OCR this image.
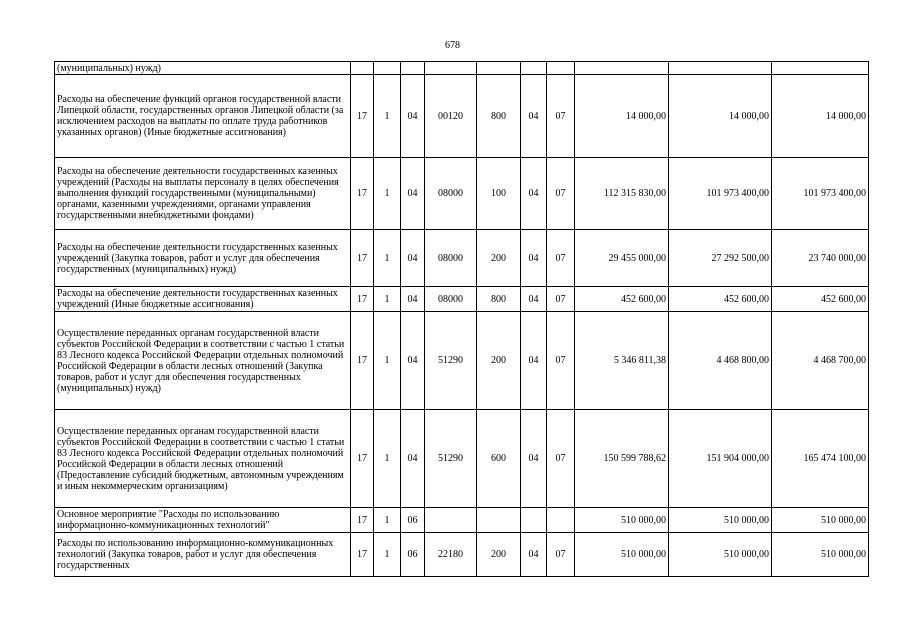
678
(муниципальных) нужд)										
Расходы на обеспечение функций органов государственной власти Липецкой области, государственных органов Липецкой области (за исключением расходов на выплаты по оплате труда работников указанных органов) (Иные бюджетные ассигнования)	17	1	04	00120	800	04	07	14 000,00	14 000,00	14 000,00
Расходы на обеспечение деятельности государственных казенных учреждений (Расходы на выплаты персоналу в целях обеспечения выполнения функций государственными (муниципальными) органами, казенными учреждениями, органами управления государственными внебюджетными фондами)	17	1	04	08000	100	04	07	112 315 830,00	101 973 400,00	101 973 400,00
Расходы на обеспечение деятельности государственных казенных учреждений (Закупка товаров, работ и услуг для обеспечения государственных (муниципальных) нужд)	17	1	04	08000	200	04	07	29 455 000,00	27 292 500,00	23 740 000,00
Расходы на обеспечение деятельности государственных казенных учреждений (Иные бюджетные ассигнования)	17	1	04	08000	800	04	07	452 600,00	452 600,00	452 600,00
Осуществление переданных органам государственной власти субъектов Российской Федерации в соответствии с частью 1 статьи 83 Лесного кодекса Российской Федерации отдельных полномочий Российской Федерации в области лесных отношений (Закупка товаров, работ и услуг для обеспечения государственных (муниципальных) нужд)	17	1	04	51290	200	04	07	5 346 811,38	4 468 800,00	4 468 700,00
Осуществление переданных органам государственной власти субъектов Российской Федерации в соответствии с частью 1 статьи 83 Лесного кодекса Российской Федерации отдельных полномочий Российской Федерации в области лесных отношений (Предоставление субсидий бюджетным, автономным учреждениям и иным некоммерческим организациям)	17	1	04	51290	600	04	07	150 599 788,62	151 904 000,00	165 474 100,00
Основное мероприятие "Расходы по использованию информационно-коммуникационных технологий"	17	1	06					510 000,00	510 000,00	510 000,00
Расходы по использованию информационно-коммуникационных технологий (Закупка товаров, работ и услуг для обеспечения государственных	17	1	06	22180	200	04	07	510 000,00	510 000,00	510 000,00
